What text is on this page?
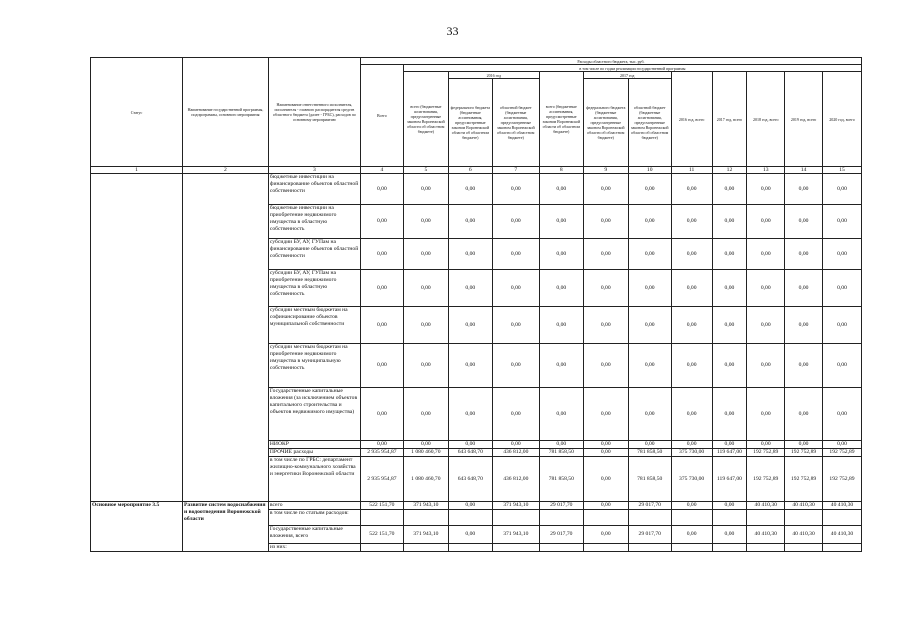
33
Статус	Наименование государственной программы, подпрограммы, основного мероприятия	Наименование ответственного исполнителя, исполнителя - главного распорядителя средств областного бюджета (далее - ГРБС), расходов по основному мероприятию	Расходы областного бюджета, тыс. руб.											
			Всего	в том числе по годам реализации государственной программы										
				всего (бюджетные ассигнования, предусмотренные законом Воронежской области об областном бюджете)	2016 год		всего (бюджетные ассигнования, предусмотренные законом Воронежской области об областном бюджете)	2017 год		2016 год, всего	2017 год, всего	2018 год, всего	2019 год, всего	2020 год, всего
					федерального бюджета (бюджетные ассигнования, предусмотренные законом Воронежской области об областном бюджете)	областной бюджет (бюджетные ассигнования, предусмотренные законом Воронежской области об областном бюджете)		федерального бюджета (бюджетные ассигнования, предусмотренные законом Воронежской области об областном бюджете)	областной бюджет (бюджетные ассигнования, предусмотренные законом Воронежской области об областном бюджете)					
1	2	3	4	5	6	7	8	9	10	11	12	13	14	15
		бюджетные инвестиции на финансирование объектов областной собственности	0,00	0,00	0,00	0,00	0,00	0,00	0,00	0,00	0,00	0,00	0,00	0,00
		бюджетные инвестиции на приобретение недвижимого имущества в областную собственность	0,00	0,00	0,00	0,00	0,00	0,00	0,00	0,00	0,00	0,00	0,00	0,00
		субсидии БУ, АУ, ГУПам на финансирование объектов областной собственности	0,00	0,00	0,00	0,00	0,00	0,00	0,00	0,00	0,00	0,00	0,00	0,00
		субсидии БУ, АУ, ГУПам на приобретение недвижимого имущества в областную собственность	0,00	0,00	0,00	0,00	0,00	0,00	0,00	0,00	0,00	0,00	0,00	0,00
		субсидии местным бюджетам на софинансирование объектов муниципальной собственности	0,00	0,00	0,00	0,00	0,00	0,00	0,00	0,00	0,00	0,00	0,00	0,00
		субсидии местным бюджетам на приобретение недвижимого имущества в муниципальную собственность	0,00	0,00	0,00	0,00	0,00	0,00	0,00	0,00	0,00	0,00	0,00	0,00
		Государственные капитальные вложения (за исключением объектов капитального строительства и объектов недвижимого имущества)	0,00	0,00	0,00	0,00	0,00	0,00	0,00	0,00	0,00	0,00	0,00	0,00
		НИОКР	0,00	0,00	0,00	0,00	0,00	0,00	0,00	0,00	0,00	0,00	0,00	0,00
		ПРОЧИЕ расходы	2 935 954,87	1 080 460,70	643 648,70	436 812,00	781 858,50	0,00	781 858,50	375 730,00	119 647,00	192 752,89	192 752,89	192 752,89
		в том числе по ГРБС: департамент жилищно-коммунального хозяйства и энергетики Воронежской области	2 935 954,87	1 080 460,70	643 648,70	436 812,00	781 858,50	0,00	781 858,50	375 730,00	119 647,00	192 752,89	192 752,89	192 752,89
Основное мероприятие 3.5	Развитие систем водоснабжения и водоотведения Воронежской области	всего	522 151,70	371 943,10	0,00	371 943,10	29 017,70	0,00	29 017,70	0,00	0,00	40 410,30	40 410,30	40 410,30
		в том числе по статьям расходов:												
		Государственные капитальные вложения, всего	522 151,70	371 943,10	0,00	371 943,10	29 017,70	0,00	29 017,70	0,00	0,00	40 410,30	40 410,30	40 410,30
		из них:												
